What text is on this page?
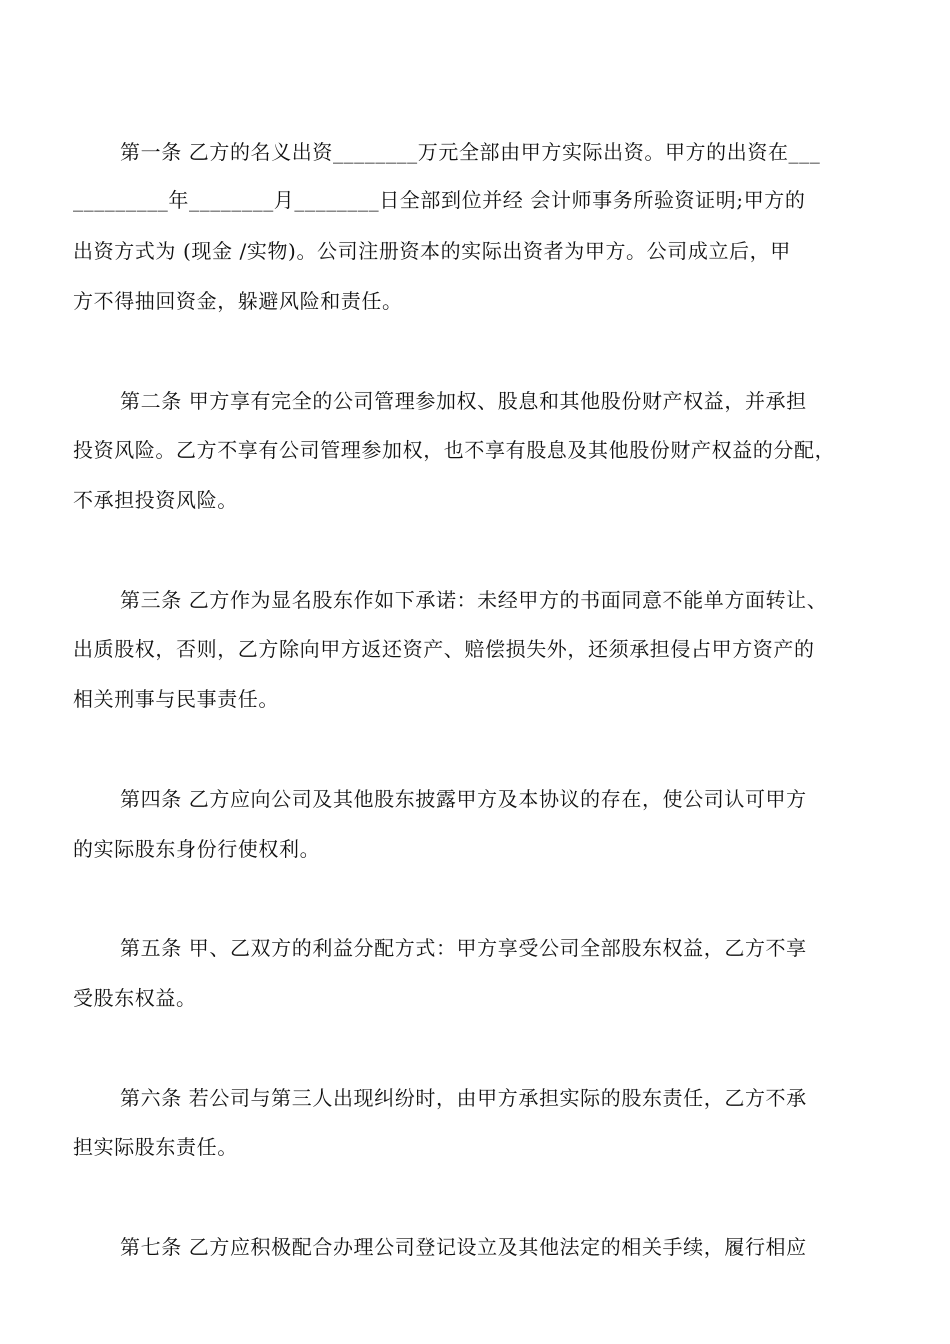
第一条 乙方的名义出资________万元全部由甲方实际出资。甲方的出资在___
_________年________月________日全部到位并经 会计师事务所验资证明;甲方的
出资方式为 (现金 /实物)。公司注册资本的实际出资者为甲方。公司成立后，甲
方不得抽回资金，躲避风险和责任。
第二条 甲方享有完全的公司管理参加权、股息和其他股份财产权益，并承担
投资风险。乙方不享有公司管理参加权，也不享有股息及其他股份财产权益的分配，
不承担投资风险。
第三条 乙方作为显名股东作如下承诺：未经甲方的书面同意不能单方面转让、
出质股权，否则，乙方除向甲方返还资产、赔偿损失外，还须承担侵占甲方资产的
相关刑事与民事责任。
第四条 乙方应向公司及其他股东披露甲方及本协议的存在，使公司认可甲方
的实际股东身份行使权利。
第五条 甲、乙双方的利益分配方式：甲方享受公司全部股东权益，乙方不享
受股东权益。
第六条 若公司与第三人出现纠纷时，由甲方承担实际的股东责任，乙方不承
担实际股东责任。
第七条 乙方应积极配合办理公司登记设立及其他法定的相关手续，履行相应
